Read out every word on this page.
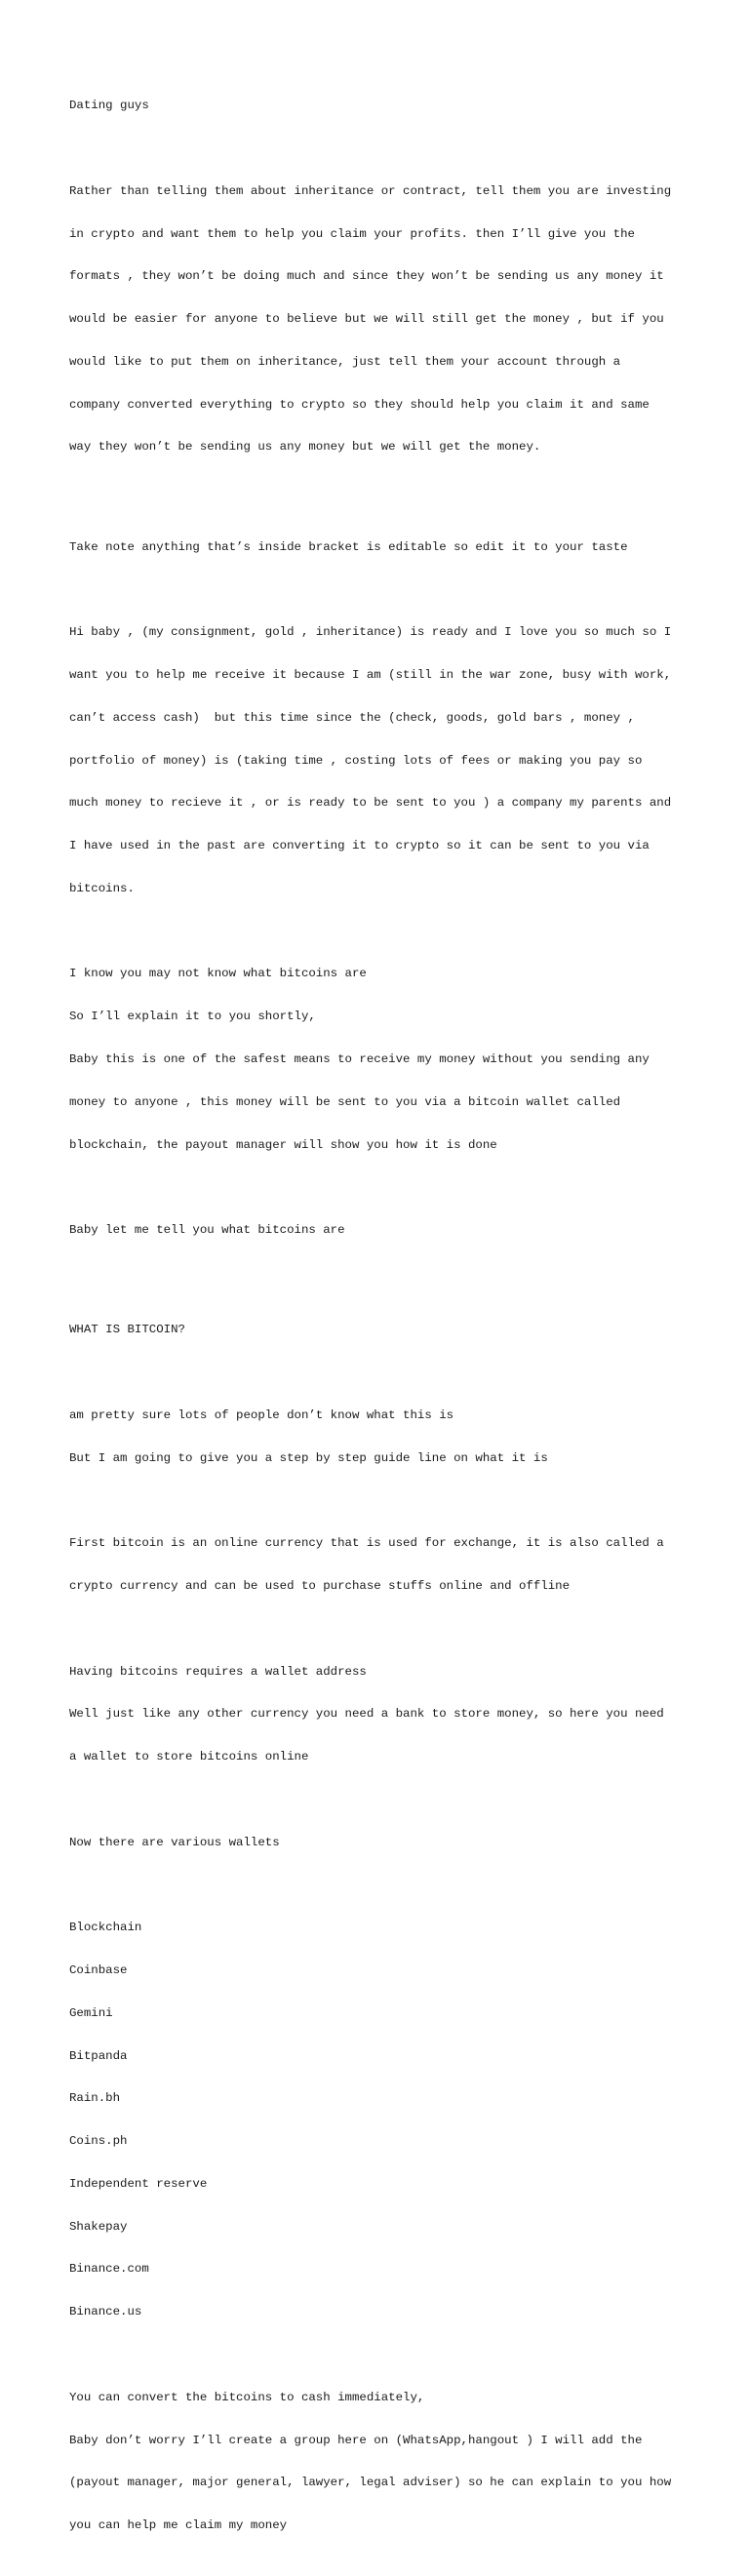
Dating guys

Rather than telling them about inheritance or contract, tell them you are investing

in crypto and want them to help you claim your profits. then I’ll give you the

formats , they won’t be doing much and since they won’t be sending us any money it

would be easier for anyone to believe but we will still get the money , but if you

would like to put them on inheritance, just tell them your account through a

company converted everything to crypto so they should help you claim it and same

way they won’t be sending us any money but we will get the money.

Take note anything that’s inside bracket is editable so edit it to your taste

Hi baby , (my consignment, gold , inheritance) is ready and I love you so much so I

want you to help me receive it because I am (still in the war zone, busy with work,

can’t access cash)  but this time since the (check, goods, gold bars , money ,

portfolio of money) is (taking time , costing lots of fees or making you pay so

much money to recieve it , or is ready to be sent to you ) a company my parents and

I have used in the past are converting it to crypto so it can be sent to you via

bitcoins.

I know you may not know what bitcoins are

So I’ll explain it to you shortly,

Baby this is one of the safest means to receive my money without you sending any

money to anyone , this money will be sent to you via a bitcoin wallet called

blockchain, the payout manager will show you how it is done

Baby let me tell you what bitcoins are

WHAT IS BITCOIN?

am pretty sure lots of people don’t know what this is

But I am going to give you a step by step guide line on what it is

First bitcoin is an online currency that is used for exchange, it is also called a

crypto currency and can be used to purchase stuffs online and offline

Having bitcoins requires a wallet address

Well just like any other currency you need a bank to store money, so here you need

a wallet to store bitcoins online

Now there are various wallets

Blockchain

Coinbase

Gemini

Bitpanda

Rain.bh

Coins.ph

Independent reserve

Shakepay

Binance.com

Binance.us

You can convert the bitcoins to cash immediately,

Baby don’t worry I’ll create a group here on (WhatsApp,hangout ) I will add the

(payout manager, major general, lawyer, legal adviser) so he can explain to you how

you can help me claim my money
